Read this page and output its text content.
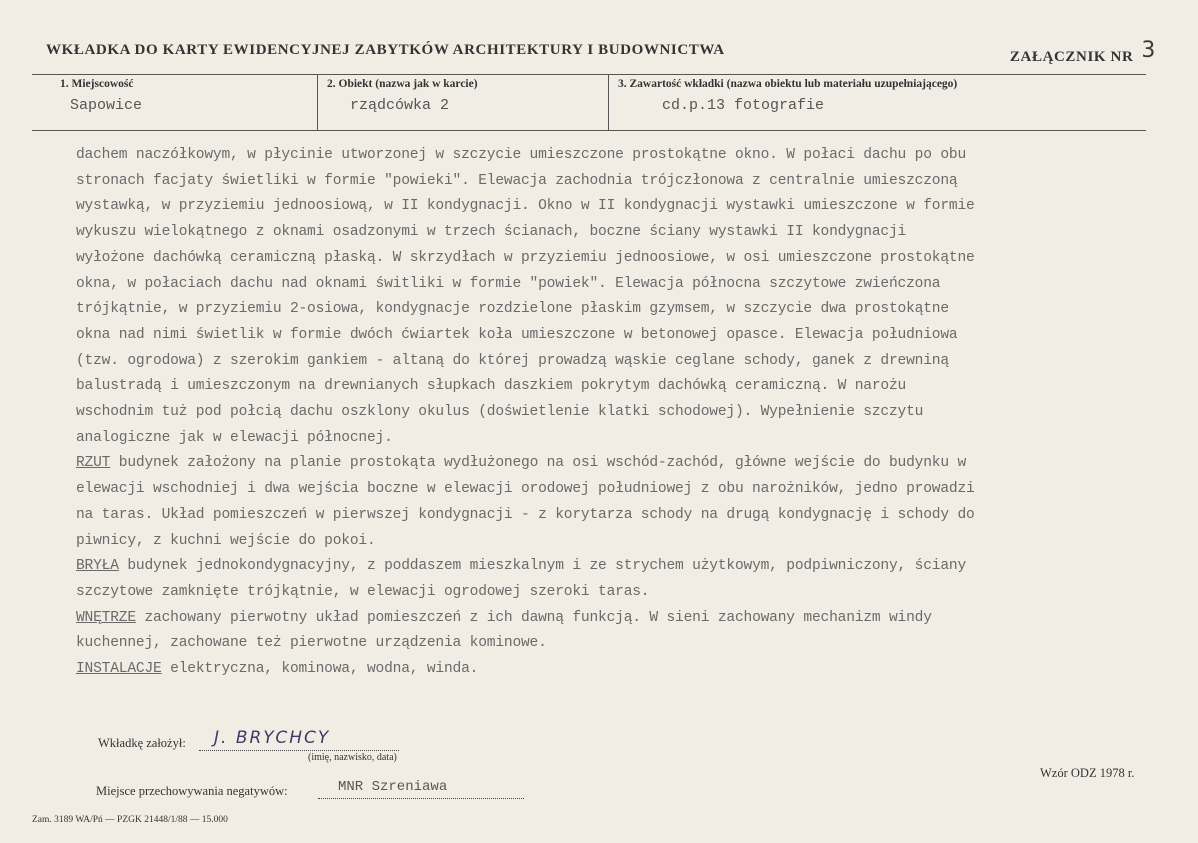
WKŁADKA DO KARTY EWIDENCYJNEJ ZABYTKÓW ARCHITEKTURY I BUDOWNICTWA	ZAŁĄCZNIK NR 3
1. Miejscowość
Sapowice
2. Obiekt (nazwa jak w karcie)
rządcówka 2
3. Zawartość wkładki (nazwa obiektu lub materiału uzupełniającego)
cd.p.13 fotografie
dachem naczółkowym, w płycinie utworzonej w szczycie umieszczone prostokątne okno. W połaci dachu po obu
stronach facjaty świetliki w formie "powieki". Elewacja zachodnia trójczłonowa z centralnie umieszczoną
wystawką, w przyziemiu jednoosiową, w II kondygnacji. Okno w II kondygnacji wystawki umieszczone w formie
wykuszu wielokątnego z oknami osadzonymi w trzech ścianach, boczne ściany wystawki II kondygnacji
wyłożone dachówką ceramiczną płaską. W skrzydłach w przyziemiu jednoosiowe, w osi umieszczone prostokątne
okna, w połaciach dachu nad oknami świtliki w formie "powiek". Elewacja północna szczytowe zwieńczona
trójkątnie, w przyziemiu 2-osiowa, kondygnacje rozdzielone płaskim gzymsem, w szczycie dwa prostokątne
okna nad nimi świetlik w formie dwóch ćwiartek koła umieszczone w betonowej opasce. Elewacja południowa
(tzw. ogrodowa) z szerokim gankiem - altaną do której prowadzą wąskie ceglane schody, ganek z drewniną
balustradą i umieszczonym na drewnianych słupkach daszkiem pokrytym dachówką ceramiczną. W narożu
wschodnim tuż pod połcią dachu oszklony okulus (doświetlenie klatki schodowej). Wypełnienie szczytu
analogiczne jak w elewacji północnej.
RZUT budynek założony na planie prostokąta wydłużonego na osi wschód-zachód, główne wejście do budynku w
elewacji wschodniej i dwa wejścia boczne w elewacji orodowej południowej z obu narożników, jedno prowadzi
na taras. Układ pomieszczeń w pierwszej kondygnacji - z korytarza schody na drugą kondygnację i schody do
piwnicy, z kuchni wejście do pokoi.
BRYŁA budynek jednokondygnacyjny, z poddaszem mieszkalnym i ze strychem użytkowym, podpiwniczony, ściany
szczytowe zamknięte trójkątnie, w elewacji ogrodowej szeroki taras.
WNĘTRZE zachowany pierwotny układ pomieszczeń z ich dawną funkcją. W sieni zachowany mechanizm windy
kuchennej, zachowane też pierwotne urządzenia kominowe.
INSTALACJE elektryczna, kominowa, wodna, winda.
Wkładkę założył: J. BRYCHCY
(imię, nazwisko, data)
Wzór ODZ 1978 r.
Miejsce przechowywania negatywów:	MNR Szreniawa
Zam. 3189 WA/Pń — PZGK 21448/1/88 — 15.000
